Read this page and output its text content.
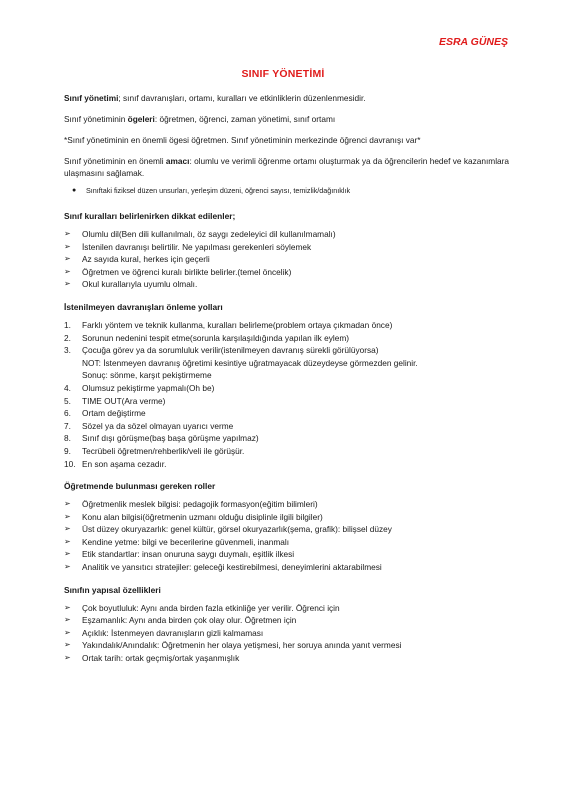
ESRA GÜNEŞ
SINIF YÖNETİMİ
Sınıf yönetimi; sınıf davranışları, ortamı, kuralları ve etkinliklerin düzenlenmesidir.
Sınıf yönetiminin ögeleri: öğretmen, öğrenci, zaman yönetimi, sınıf ortamı
*Sınıf yönetiminin en önemli ögesi öğretmen. Sınıf yönetiminin merkezinde öğrenci davranışı var*
Sınıf yönetiminin en önemli amacı: olumlu ve verimli öğrenme ortamı oluşturmak ya da öğrencilerin hedef ve kazanımlara ulaşmasını sağlamak.
●	Sınıftaki fiziksel düzen unsurları, yerleşim düzeni, öğrenci sayısı, temizlik/dağınıklık
Sınıf kuralları belirlenirken dikkat edilenler;
➢	Olumlu dil(Ben dili kullanılmalı, öz saygı zedeleyici dil kullanılmamalı)
➢	İstenilen davranışı belirtilir. Ne yapılması gerekenleri söylemek
➢	Az sayıda kural, herkes için geçerli
➢	Öğretmen ve öğrenci kuralı birlikte belirler.(temel öncelik)
➢	Okul kurallarıyla uyumlu olmalı.
İstenilmeyen davranışları önleme yolları
1.	Farklı yöntem ve teknik kullanma, kuralları belirleme(problem ortaya çıkmadan önce)
2.	Sorunun nedenini tespit etme(sorunla karşılaşıldığında yapılan ilk eylem)
3.	Çocuğa görev ya da sorumluluk verilir(istenilmeyen davranış sürekli görülüyorsa)
NOT: İstenmeyen davranış öğretimi kesintiye uğratmayacak düzeydeyse görmezden gelinir.
Sonuç: sönme, karşıt pekiştirmeme
4.	Olumsuz pekiştirme yapmalı(Oh be)
5.	TIME OUT(Ara verme)
6.	Ortam değiştirme
7.	Sözel ya da sözel olmayan uyarıcı verme
8.	Sınıf dışı görüşme(baş başa görüşme yapılmaz)
9.	Tecrübeli öğretmen/rehberlik/veli ile görüşür.
10. En son aşama cezadır.
Öğretmende bulunması gereken roller
➢	Öğretmenlik meslek bilgisi: pedagojik formasyon(eğitim bilimleri)
➢	Konu alan bilgisi(öğretmenin uzmanı olduğu disiplinle ilgili bilgiler)
➢	Üst düzey okuryazarlık: genel kültür, görsel okuryazarlık(şema, grafik): bilişsel düzey
➢	Kendine yetme: bilgi ve becerilerine güvenmeli, inanmalı
➢	Etik standartlar: insan onuruna saygı duymalı, eşitlik ilkesi
➢	Analitik ve yansıtıcı stratejiler: geleceği kestirebilmesi, deneyimlerini aktarabilmesi
Sınıfın yapısal özellikleri
➢	Çok boyutluluk: Aynı anda birden fazla etkinliğe yer verilir. Öğrenci için
➢	Eşzamanlık: Aynı anda birden çok olay olur. Öğretmen için
➢	Açıklık: İstenmeyen davranışların gizli kalmaması
➢	Yakındalık/Anındalık: Öğretmenin her olaya yetişmesi, her soruya anında yanıt vermesi
➢	Ortak tarih: ortak geçmiş/ortak yaşanmışlık
